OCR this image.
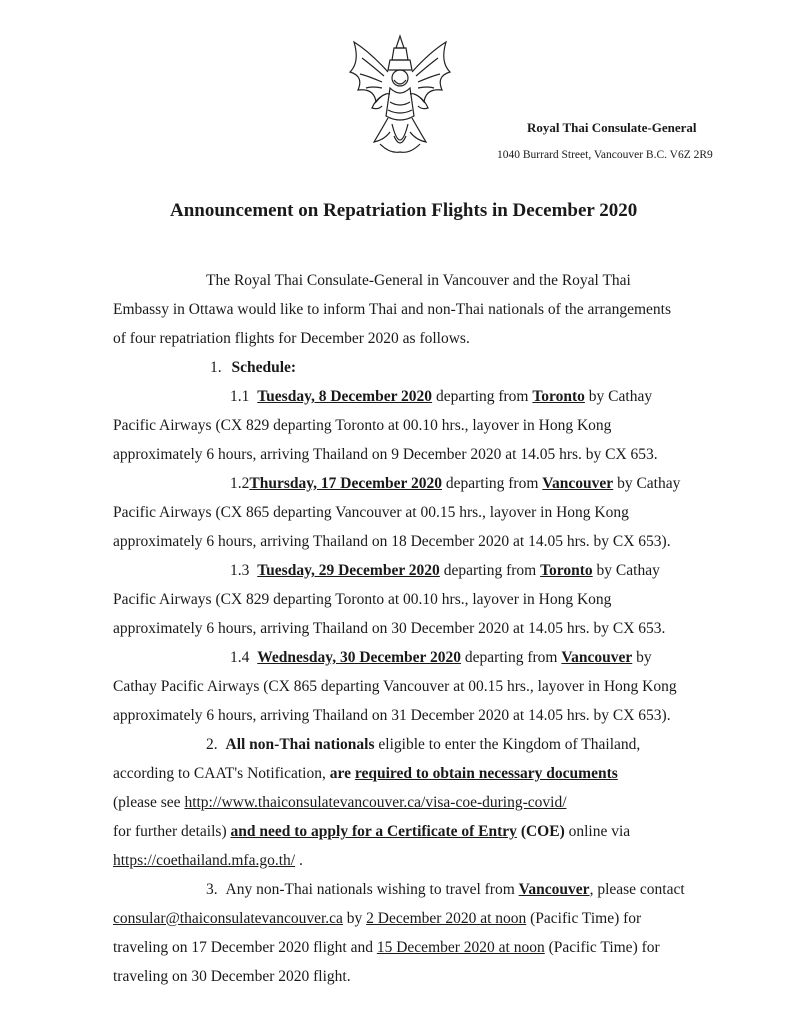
Royal Thai Consulate-General
1040 Burrard Street, Vancouver B.C. V6Z 2R9
Announcement on Repatriation Flights in December 2020
The Royal Thai Consulate-General in Vancouver and the Royal Thai
Embassy in Ottawa would like to inform Thai and non-Thai nationals of the arrangements
of four repatriation flights for December 2020 as follows.
1. Schedule:
1.1 Tuesday, 8 December 2020 departing from Toronto by Cathay
Pacific Airways (CX 829 departing Toronto at 00.10 hrs., layover in Hong Kong
approximately 6 hours, arriving Thailand on 9 December 2020 at 14.05 hrs. by CX 653.
1.2Thursday, 17 December 2020 departing from Vancouver by Cathay
Pacific Airways (CX 865 departing Vancouver at 00.15 hrs., layover in Hong Kong
approximately 6 hours, arriving Thailand on 18 December 2020 at 14.05 hrs. by CX 653).
1.3 Tuesday, 29 December 2020 departing from Toronto by Cathay
Pacific Airways (CX 829 departing Toronto at 00.10 hrs., layover in Hong Kong
approximately 6 hours, arriving Thailand on 30 December 2020 at 14.05 hrs. by CX 653.
1.4 Wednesday, 30 December 2020 departing from Vancouver by
Cathay Pacific Airways (CX 865 departing Vancouver at 00.15 hrs., layover in Hong Kong
approximately 6 hours, arriving Thailand on 31 December 2020 at 14.05 hrs. by CX 653).
2. All non-Thai nationals eligible to enter the Kingdom of Thailand,
according to CAAT's Notification, are required to obtain necessary documents
(please see http://www.thaiconsulatevancouver.ca/visa-coe-during-covid/
for further details) and need to apply for a Certificate of Entry (COE) online via
https://coethailand.mfa.go.th/ .
3. Any non-Thai nationals wishing to travel from Vancouver, please contact
consular@thaiconsulatevancouver.ca by 2 December 2020 at noon (Pacific Time) for
traveling on 17 December 2020 flight and 15 December 2020 at noon (Pacific Time) for
traveling on 30 December 2020 flight.
